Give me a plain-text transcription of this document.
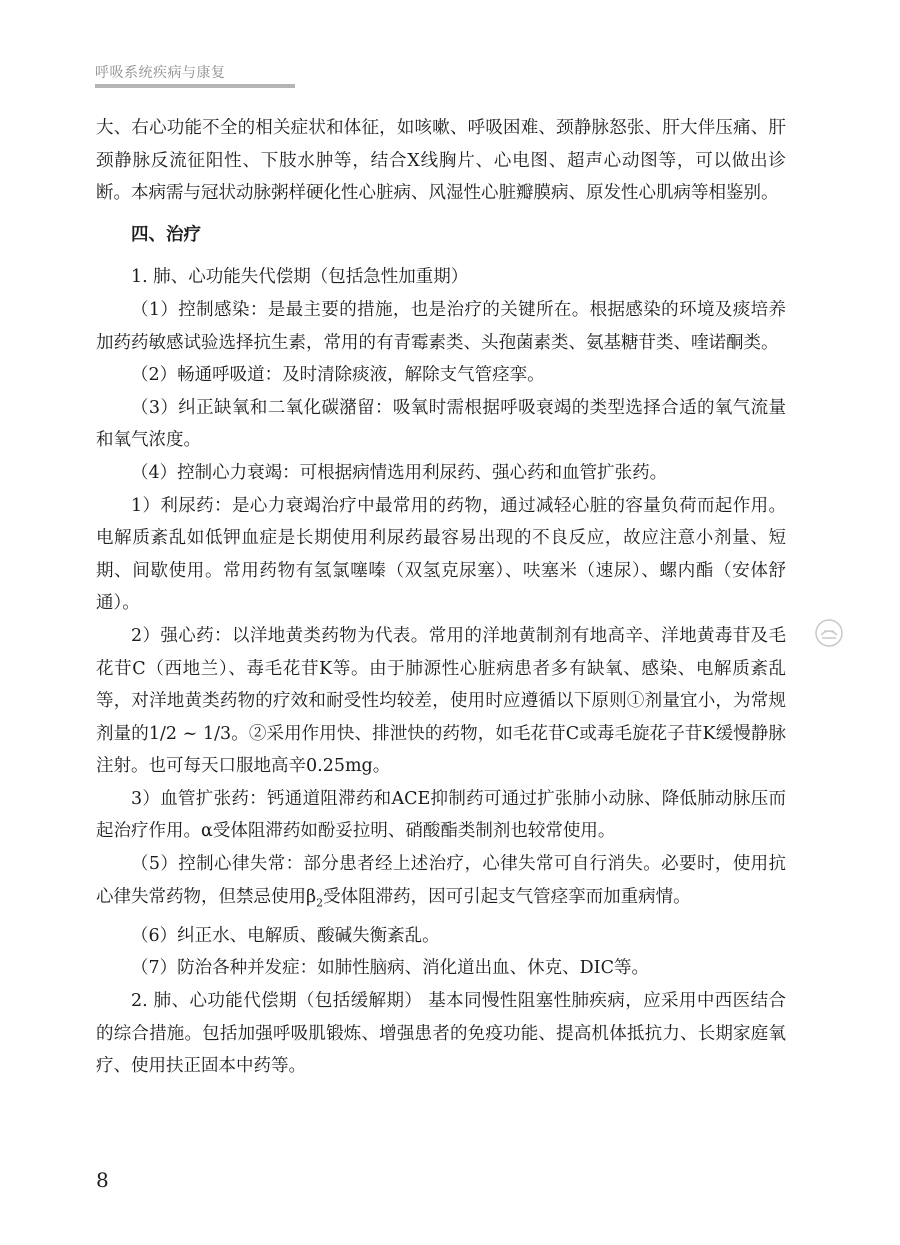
呼吸系统疾病与康复

大、右心功能不全的相关症状和体征，如咳嗽、呼吸困难、颈静脉怒张、肝大伴压痛、肝颈静脉反流征阳性、下肢水肿等，结合X线胸片、心电图、超声心动图等，可以做出诊断。本病需与冠状动脉粥样硬化性心脏病、风湿性心脏瓣膜病、原发性心肌病等相鉴别。

四、治疗

1. 肺、心功能失代偿期（包括急性加重期）

（1）控制感染：是最主要的措施，也是治疗的关键所在。根据感染的环境及痰培养加药药敏感试验选择抗生素，常用的有青霉素类、头孢菌素类、氨基糖苷类、喹诺酮类。

（2）畅通呼吸道：及时清除痰液，解除支气管痉挛。

（3）纠正缺氧和二氧化碳潴留：吸氧时需根据呼吸衰竭的类型选择合适的氧气流量和氧气浓度。

（4）控制心力衰竭：可根据病情选用利尿药、强心药和血管扩张药。

1）利尿药：是心力衰竭治疗中最常用的药物，通过减轻心脏的容量负荷而起作用。电解质紊乱如低钾血症是长期使用利尿药最容易出现的不良反应，故应注意小剂量、短期、间歇使用。常用药物有氢氯噻嗪（双氢克尿塞）、呋塞米（速尿）、螺内酯（安体舒通）。

2）强心药：以洋地黄类药物为代表。常用的洋地黄制剂有地高辛、洋地黄毒苷及毛花苷C（西地兰）、毒毛花苷K等。由于肺源性心脏病患者多有缺氧、感染、电解质紊乱等，对洋地黄类药物的疗效和耐受性均较差，使用时应遵循以下原则①剂量宜小，为常规剂量的1/2 ~ 1/3。②采用作用快、排泄快的药物，如毛花苷C或毒毛旋花子苷K缓慢静脉注射。也可每天口服地高辛0.25mg。

3）血管扩张药：钙通道阻滞药和ACE抑制药可通过扩张肺小动脉、降低肺动脉压而起治疗作用。α受体阻滞药如酚妥拉明、硝酸酯类制剂也较常使用。

（5）控制心律失常：部分患者经上述治疗，心律失常可自行消失。必要时，使用抗心律失常药物，但禁忌使用$\beta_2$受体阻滞药，因可引起支气管痉挛而加重病情。

（6）纠正水、电解质、酸碱失衡紊乱。

（7）防治各种并发症：如肺性脑病、消化道出血、休克、DIC等。

2. 肺、心功能代偿期（包括缓解期） 基本同慢性阻塞性肺疾病，应采用中西医结合的综合措施。包括加强呼吸肌锻炼、增强患者的免疫功能、提高机体抵抗力、长期家庭氧疗、使用扶正固本中药等。

8
